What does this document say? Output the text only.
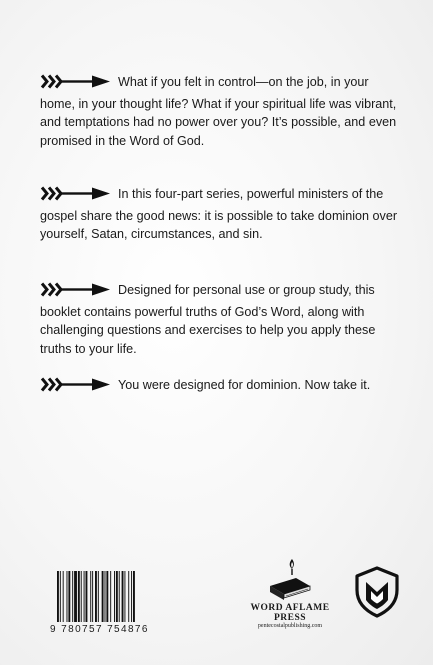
What if you felt in control—on the job, in your home, in your thought life? What if your spiritual life was vibrant, and temptations had no power over you? It’s possible, and even promised in the Word of God.

In this four-part series, powerful ministers of the gospel share the good news: it is possible to take dominion over yourself, Satan, circumstances, and sin.

Designed for personal use or group study, this booklet contains powerful truths of God’s Word, along with challenging questions and exercises to help you apply these truths to your life.

You were designed for dominion. Now take it.

9 780757 754876
WORD AFLAME PRESS
pentecostalpublishing.com
